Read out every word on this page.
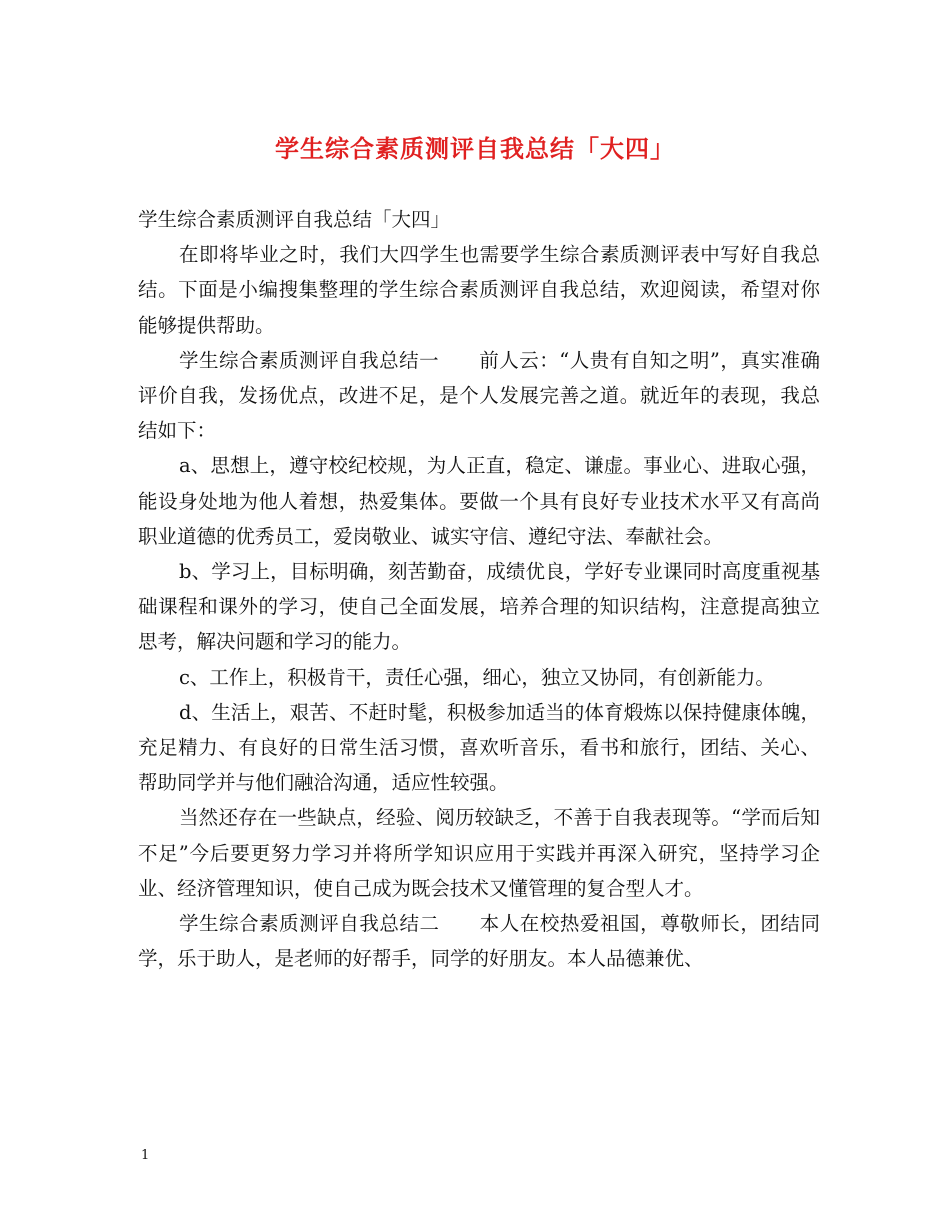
学生综合素质测评自我总结「大四」

学生综合素质测评自我总结「大四」

在即将毕业之时，我们大四学生也需要学生综合素质测评表中写好自我总结。下面是小编搜集整理的学生综合素质测评自我总结，欢迎阅读，希望对你能够提供帮助。

学生综合素质测评自我总结一　　前人云：“人贵有自知之明”，真实准确评价自我，发扬优点，改进不足，是个人发展完善之道。就近年的表现，我总结如下：

a、思想上，遵守校纪校规，为人正直，稳定、谦虚。事业心、进取心强，能设身处地为他人着想，热爱集体。要做一个具有良好专业技术水平又有高尚职业道德的优秀员工，爱岗敬业、诚实守信、遵纪守法、奉献社会。

b、学习上，目标明确，刻苦勤奋，成绩优良，学好专业课同时高度重视基础课程和课外的学习，使自己全面发展，培养合理的知识结构，注意提高独立思考，解决问题和学习的能力。

c、工作上，积极肯干，责任心强，细心，独立又协同，有创新能力。

d、生活上，艰苦、不赶时髦，积极参加适当的体育煅炼以保持健康体魄，充足精力、有良好的日常生活习惯，喜欢听音乐，看书和旅行，团结、关心、帮助同学并与他们融洽沟通，适应性较强。

当然还存在一些缺点，经验、阅历较缺乏，不善于自我表现等。“学而后知不足”今后要更努力学习并将所学知识应用于实践并再深入研究，坚持学习企业、经济管理知识，使自己成为既会技术又懂管理的复合型人才。

学生综合素质测评自我总结二　　本人在校热爱祖国，尊敬师长，团结同学，乐于助人，是老师的好帮手，同学的好朋友。本人品德兼优、

1
